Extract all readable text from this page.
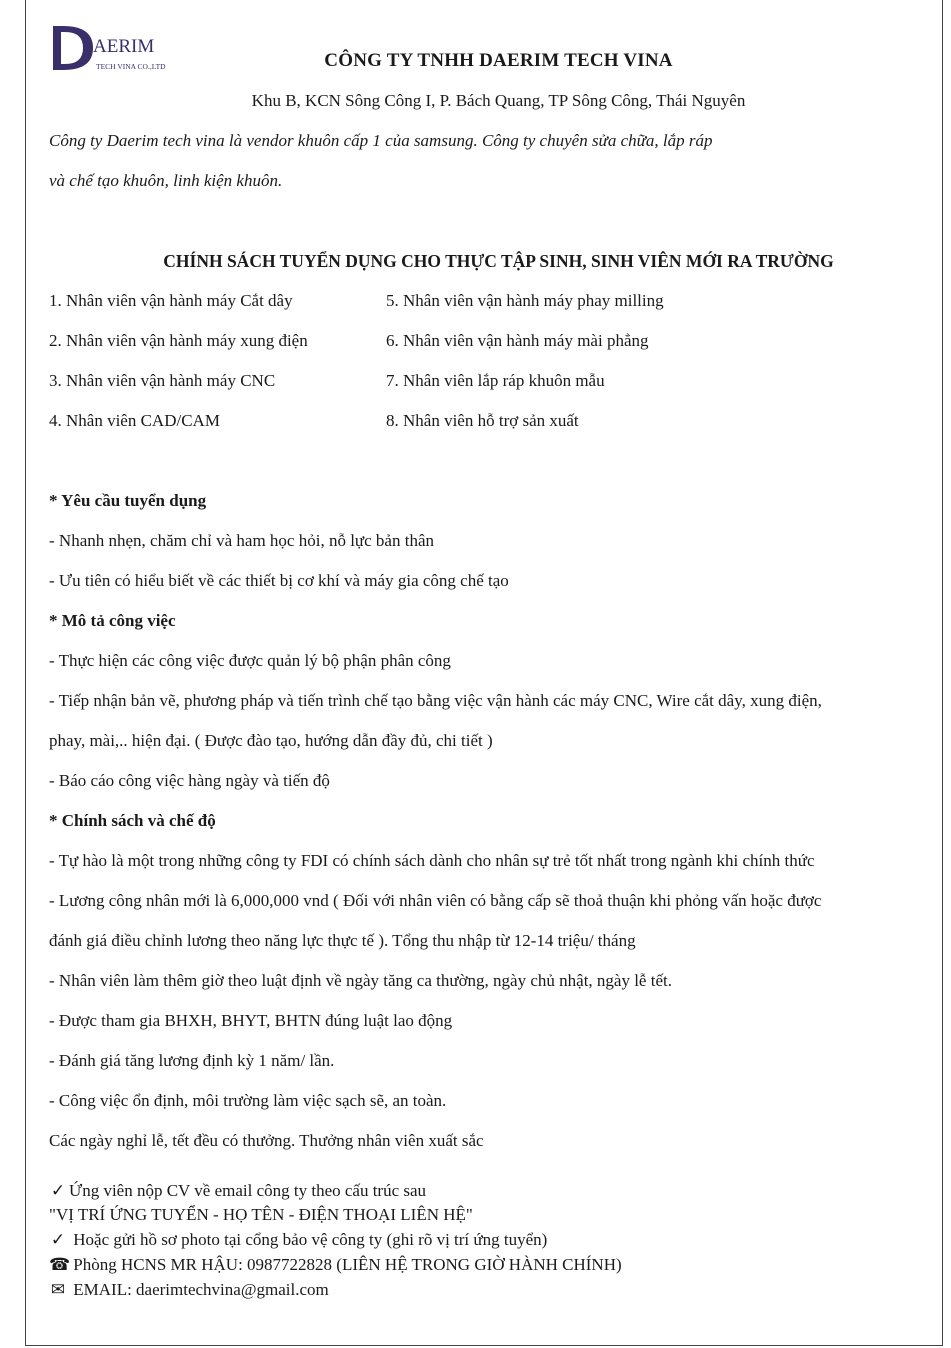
AERIM
TECH VINA CO.,LTD	CÔNG TY TNHH DAERIM TECH VINA
Khu B, KCN Sông Công I, P. Bách Quang, TP Sông Công, Thái Nguyên
Công ty Daerim tech vina là vendor khuôn cấp 1 của samsung. Công ty chuyên sửa chữa, lắp ráp
và chế tạo khuôn, linh kiện khuôn.
CHÍNH SÁCH TUYỂN DỤNG CHO THỰC TẬP SINH, SINH VIÊN MỚI RA TRƯỜNG
1. Nhân viên vận hành máy Cắt dây
2. Nhân viên vận hành máy xung điện
3. Nhân viên vận hành máy CNC
4. Nhân viên CAD/CAM
5. Nhân viên vận hành máy phay milling
6. Nhân viên vận hành máy mài phẳng
7. Nhân viên lắp ráp khuôn mẫu
8. Nhân viên hỗ trợ sản xuất
* Yêu cầu tuyển dụng
- Nhanh nhẹn, chăm chỉ và ham học hỏi, nỗ lực bản thân
- Ưu tiên có hiểu biết về các thiết bị cơ khí và máy gia công chế tạo
* Mô tả công việc
- Thực hiện các công việc được quản lý bộ phận phân công
- Tiếp nhận bản vẽ, phương pháp và tiến trình chế tạo bằng việc vận hành các máy CNC, Wire cắt dây, xung điện,
phay, mài,.. hiện đại. ( Được đào tạo, hướng dẫn đầy đủ, chi tiết )
- Báo cáo công việc hàng ngày và tiến độ
* Chính sách và chế độ
- Tự hào là một trong những công ty FDI có chính sách dành cho nhân sự trẻ tốt nhất trong ngành khi chính thức
- Lương công nhân mới là 6,000,000 vnd ( Đối với nhân viên có bằng cấp sẽ thoả thuận khi phỏng vấn hoặc được
đánh giá điều chỉnh lương theo năng lực thực tế ). Tổng thu nhập từ 12-14 triệu/ tháng
- Nhân viên làm thêm giờ theo luật định về ngày tăng ca thường, ngày chủ nhật, ngày lễ tết.
- Được tham gia BHXH, BHYT, BHTN đúng luật lao động
- Đánh giá tăng lương định kỳ 1 năm/ lần.
- Công việc ổn định, môi trường làm việc sạch sẽ, an toàn.
Các ngày nghỉ lễ, tết đều có thưởng. Thưởng nhân viên xuất sắc
✓ Ứng viên nộp CV về email công ty theo cấu trúc sau
"VỊ TRÍ ỨNG TUYỂN - HỌ TÊN - ĐIỆN THOẠI LIÊN HỆ"
✓ Hoặc gửi hồ sơ photo tại cổng bảo vệ công ty (ghi rõ vị trí ứng tuyển)
☎ Phòng HCNS MR HẬU: 0987722828 (LIÊN HỆ TRONG GIỜ HÀNH CHÍNH)
✉ EMAIL: daerimtechvina@gmail.com
